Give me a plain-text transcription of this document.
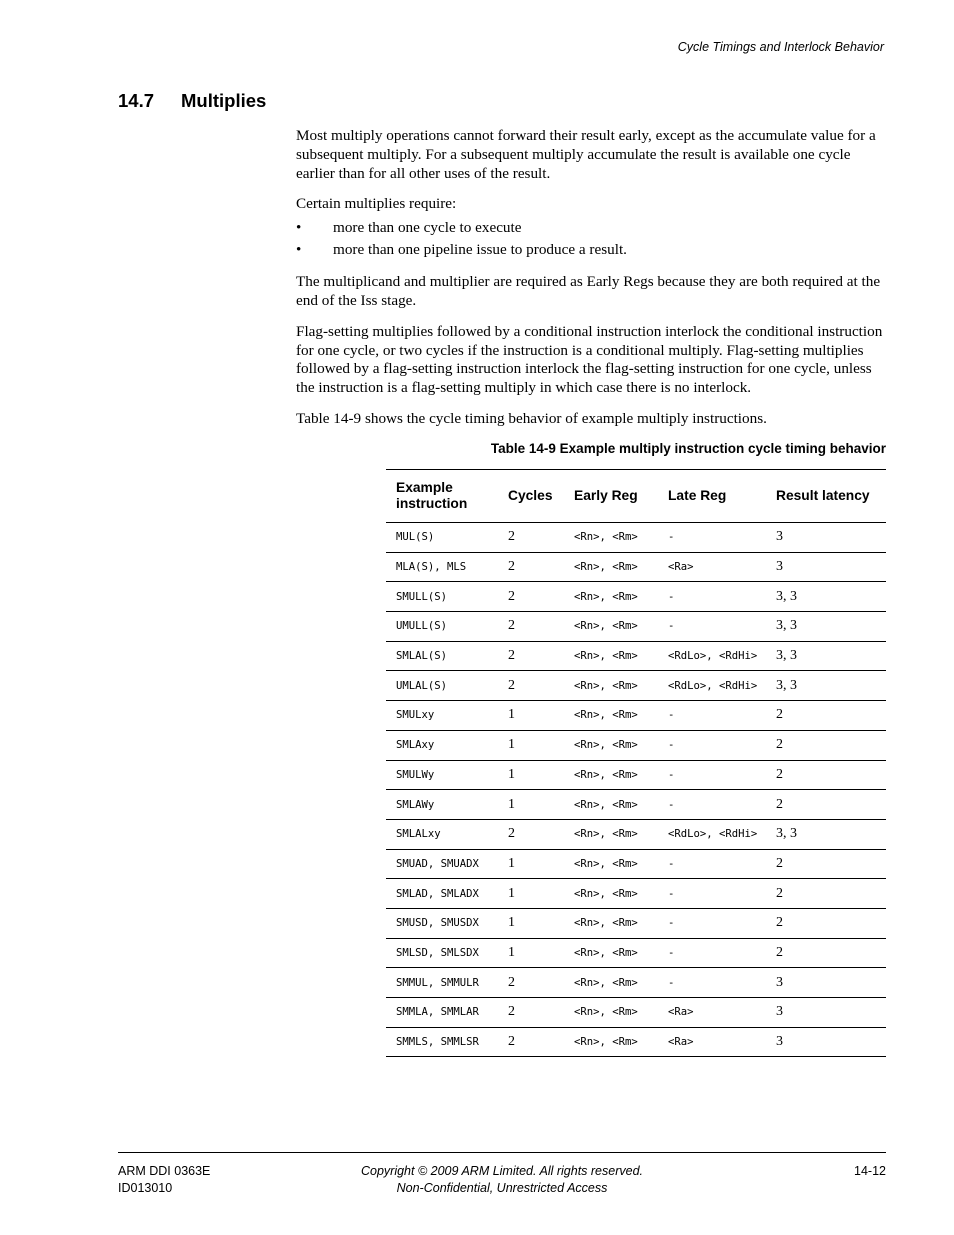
Cycle Timings and Interlock Behavior
14.7 Multiplies

Most multiply operations cannot forward their result early, except as the accumulate value for a subsequent multiply. For a subsequent multiply accumulate the result is available one cycle earlier than for all other uses of the result.

Certain multiplies require:

• more than one cycle to execute
• more than one pipeline issue to produce a result.

The multiplicand and multiplier are required as Early Regs because they are both required at the end of the Iss stage.

Flag-setting multiplies followed by a conditional instruction interlock the conditional instruction for one cycle, or two cycles if the instruction is a conditional multiply. Flag-setting multiplies followed by a flag-setting instruction interlock the flag-setting instruction for one cycle, unless the instruction is a flag-setting multiply in which case there is no interlock.

Table 14-9 shows the cycle timing behavior of example multiply instructions.

Table 14-9 Example multiply instruction cycle timing behavior

Example
instruction	Cycles	Early Reg	Late Reg	Result latency
MUL(S)	2	<Rn>, <Rm>	-	3
MLA(S), MLS	2	<Rn>, <Rm>	<Ra>	3
SMULL(S)	2	<Rn>, <Rm>	-	3, 3
UMULL(S)	2	<Rn>, <Rm>	-	3, 3
SMLAL(S)	2	<Rn>, <Rm>	<RdLo>, <RdHi>	3, 3
UMLAL(S)	2	<Rn>, <Rm>	<RdLo>, <RdHi>	3, 3
SMULxy	1	<Rn>, <Rm>	-	2
SMLAxy	1	<Rn>, <Rm>	-	2
SMULWy	1	<Rn>, <Rm>	-	2
SMLAWy	1	<Rn>, <Rm>	-	2
SMLALxy	2	<Rn>, <Rm>	<RdLo>, <RdHi>	3, 3
SMUAD, SMUADX	1	<Rn>, <Rm>	-	2
SMLAD, SMLADX	1	<Rn>, <Rm>	-	2
SMUSD, SMUSDX	1	<Rn>, <Rm>	-	2
SMLSD, SMLSDX	1	<Rn>, <Rm>	-	2
SMMUL, SMMULR	2	<Rn>, <Rm>	-	3
SMMLA, SMMLAR	2	<Rn>, <Rm>	<Ra>	3
SMMLS, SMMLSR	2	<Rn>, <Rm>	<Ra>	3
ARM DDI 0363E
ID013010
Copyright © 2009 ARM Limited. All rights reserved.
Non-Confidential, Unrestricted Access
14-12
